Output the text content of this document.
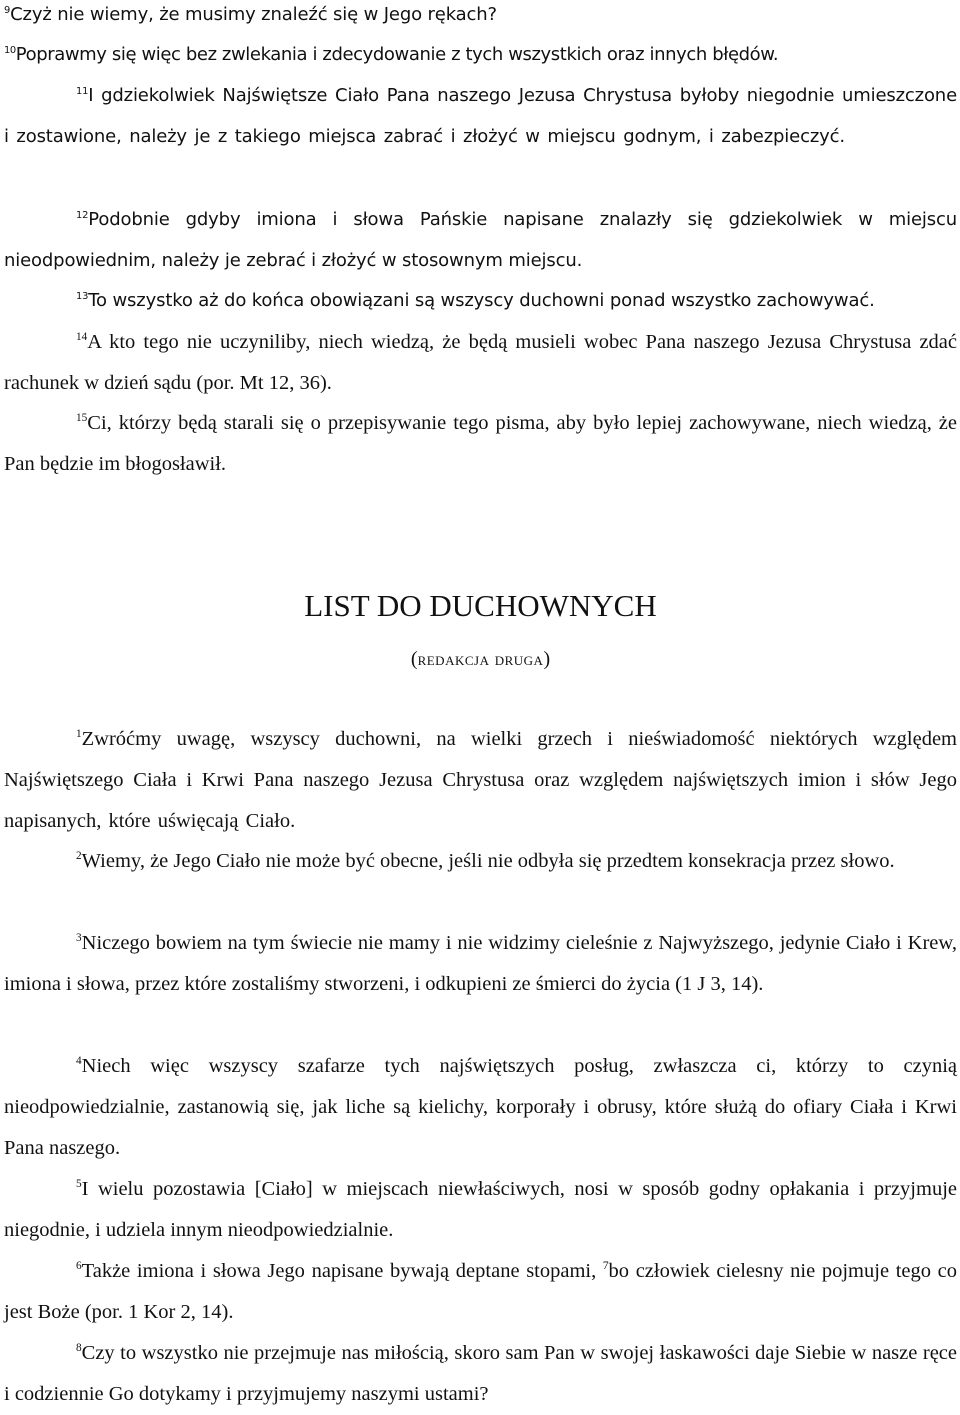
$^9$Czyż nie wiemy, że musimy znaleźć się w Jego rękach?

$^{10}$Poprawmy się więc bez zwlekania i zdecydowanie z tych wszystkich oraz innych błędów.

$^{11}$I gdziekolwiek Najświętsze Ciało Pana naszego Jezusa Chrystusa byłoby niegodnie umieszczone i zostawione, należy je z takiego miejsca zabrać i złożyć w miejscu godnym, i zabezpieczyć.

$^{12}$Podobnie gdyby imiona i słowa Pańskie napisane znalazły się gdziekolwiek w miejscu nieodpowiednim, należy je zebrać i złożyć w stosownym miejscu.

$^{13}$To wszystko aż do końca obowiązani są wszyscy duchowni ponad wszystko zachowywać.

$^{14}$A kto tego nie uczyniliby, niech wiedzą, że będą musieli wobec Pana naszego Jezusa Chrystusa zdać rachunek w dzień sądu (por. Mt 12, 36).

$^{15}$Ci, którzy będą starali się o przepisywanie tego pisma, aby było lepiej zachowywane, niech wiedzą, że Pan będzie im błogosławił.

LIST DO DUCHOWNYCH
(redakcja druga)

$^1$Zwróćmy uwagę, wszyscy duchowni, na wielki grzech i nieświadomość niektórych względem Najświętszego Ciała i Krwi Pana naszego Jezusa Chrystusa oraz względem najświętszych imion i słów Jego napisanych, które uświęcają Ciało.

$^2$Wiemy, że Jego Ciało nie może być obecne, jeśli nie odbyła się przedtem konsekracja przez słowo.

$^3$Niczego bowiem na tym świecie nie mamy i nie widzimy cieleśnie z Najwyższego, jedynie Ciało i Krew, imiona i słowa, przez które zostaliśmy stworzeni, i odkupieni ze śmierci do życia (1 J 3, 14).

$^4$Niech więc wszyscy szafarze tych najświętszych posług, zwłaszcza ci, którzy to czynią nieodpowiedzialnie, zastanowią się, jak liche są kielichy, korporały i obrusy, które służą do ofiary Ciała i Krwi Pana naszego.

$^5$I wielu pozostawia [Ciało] w miejscach niewłaściwych, nosi w sposób godny opłakania i przyjmuje niegodnie, i udziela innym nieodpowiedzialnie.

$^6$Także imiona i słowa Jego napisane bywają deptane stopami, $^7$bo człowiek cielesny nie pojmuje tego co jest Boże (por. 1 Kor 2, 14).

$^8$Czy to wszystko nie przejmuje nas miłością, skoro sam Pan w swojej łaskawości daje Siebie w nasze ręce i codziennie Go dotykamy i przyjmujemy naszymi ustami?
